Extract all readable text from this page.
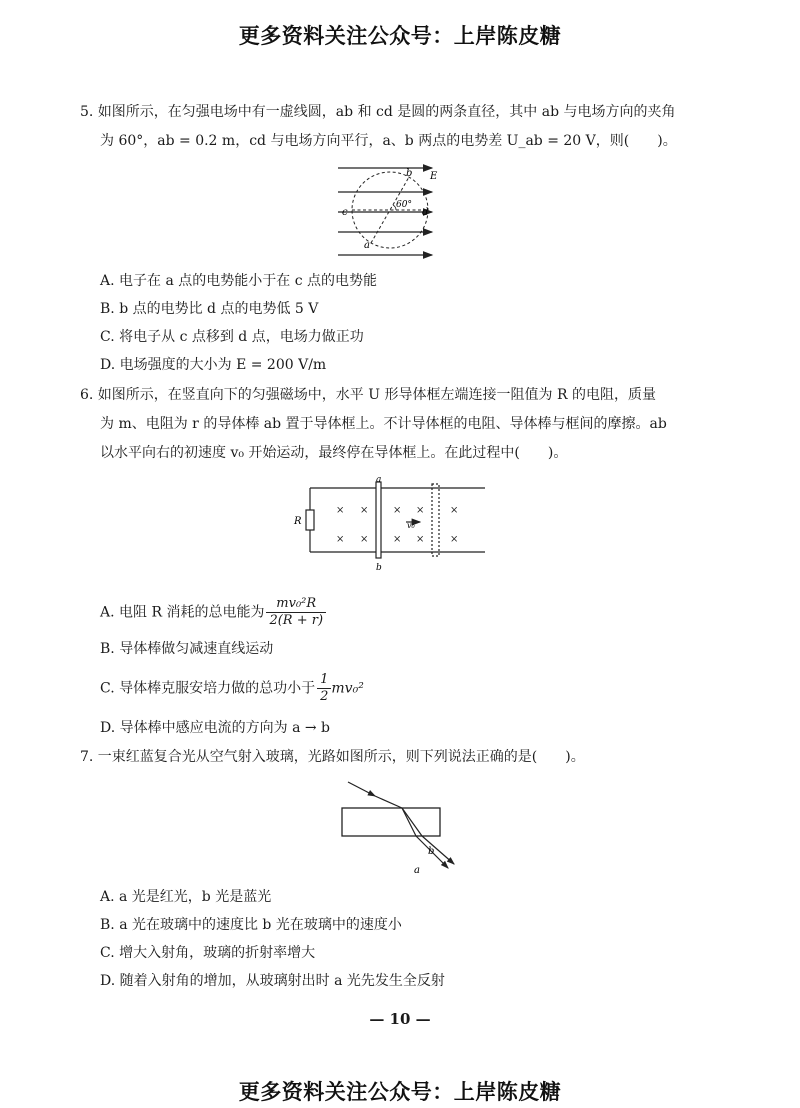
更多资料关注公众号：上岸陈皮糖
5. 如图所示，在匀强电场中有一虚线圆，ab 和 cd 是圆的两条直径，其中 ab 与电场方向的夹角
为 60°，ab = 0.2 m，cd 与电场方向平行，a、b 两点的电势差 U_ab = 20 V，则(　　)。
b E
c	d
a
60°
A. 电子在 a 点的电势能小于在 c 点的电势能
B. b 点的电势比 d 点的电势低 5 V
C. 将电子从 c 点移到 d 点，电场力做正功
D. 电场强度的大小为 E = 200 V/m
6. 如图所示，在竖直向下的匀强磁场中，水平 U 形导体框左端连接一阻值为 R 的电阻，质量
为 m、电阻为 r 的导体棒 ab 置于导体框上。不计导体框的电阻、导体棒与框间的摩擦。ab
以水平向右的初速度 v₀ 开始运动，最终停在导体框上。在此过程中(　　)。
× × × ×	×
× × × ×	×
a
b
R	v₀
A. 电阻 R 消耗的总电能为 $\frac{\text{mv₀²R}}{2(R + r)}$
B. 导体棒做匀减速直线运动
C. 导体棒克服安培力做的总功小于 $\frac{1}{2} mv_0^2$
D. 导体棒中感应电流的方向为 a → b
7. 一束红蓝复合光从空气射入玻璃，光路如图所示，则下列说法正确的是(　　)。
b
a
A. a 光是红光，b 光是蓝光
B. a 光在玻璃中的速度比 b 光在玻璃中的速度小
C. 增大入射角，玻璃的折射率增大
D. 随着入射角的增加，从玻璃射出时 a 光先发生全反射
— 10 —
更多资料关注公众号：上岸陈皮糖
